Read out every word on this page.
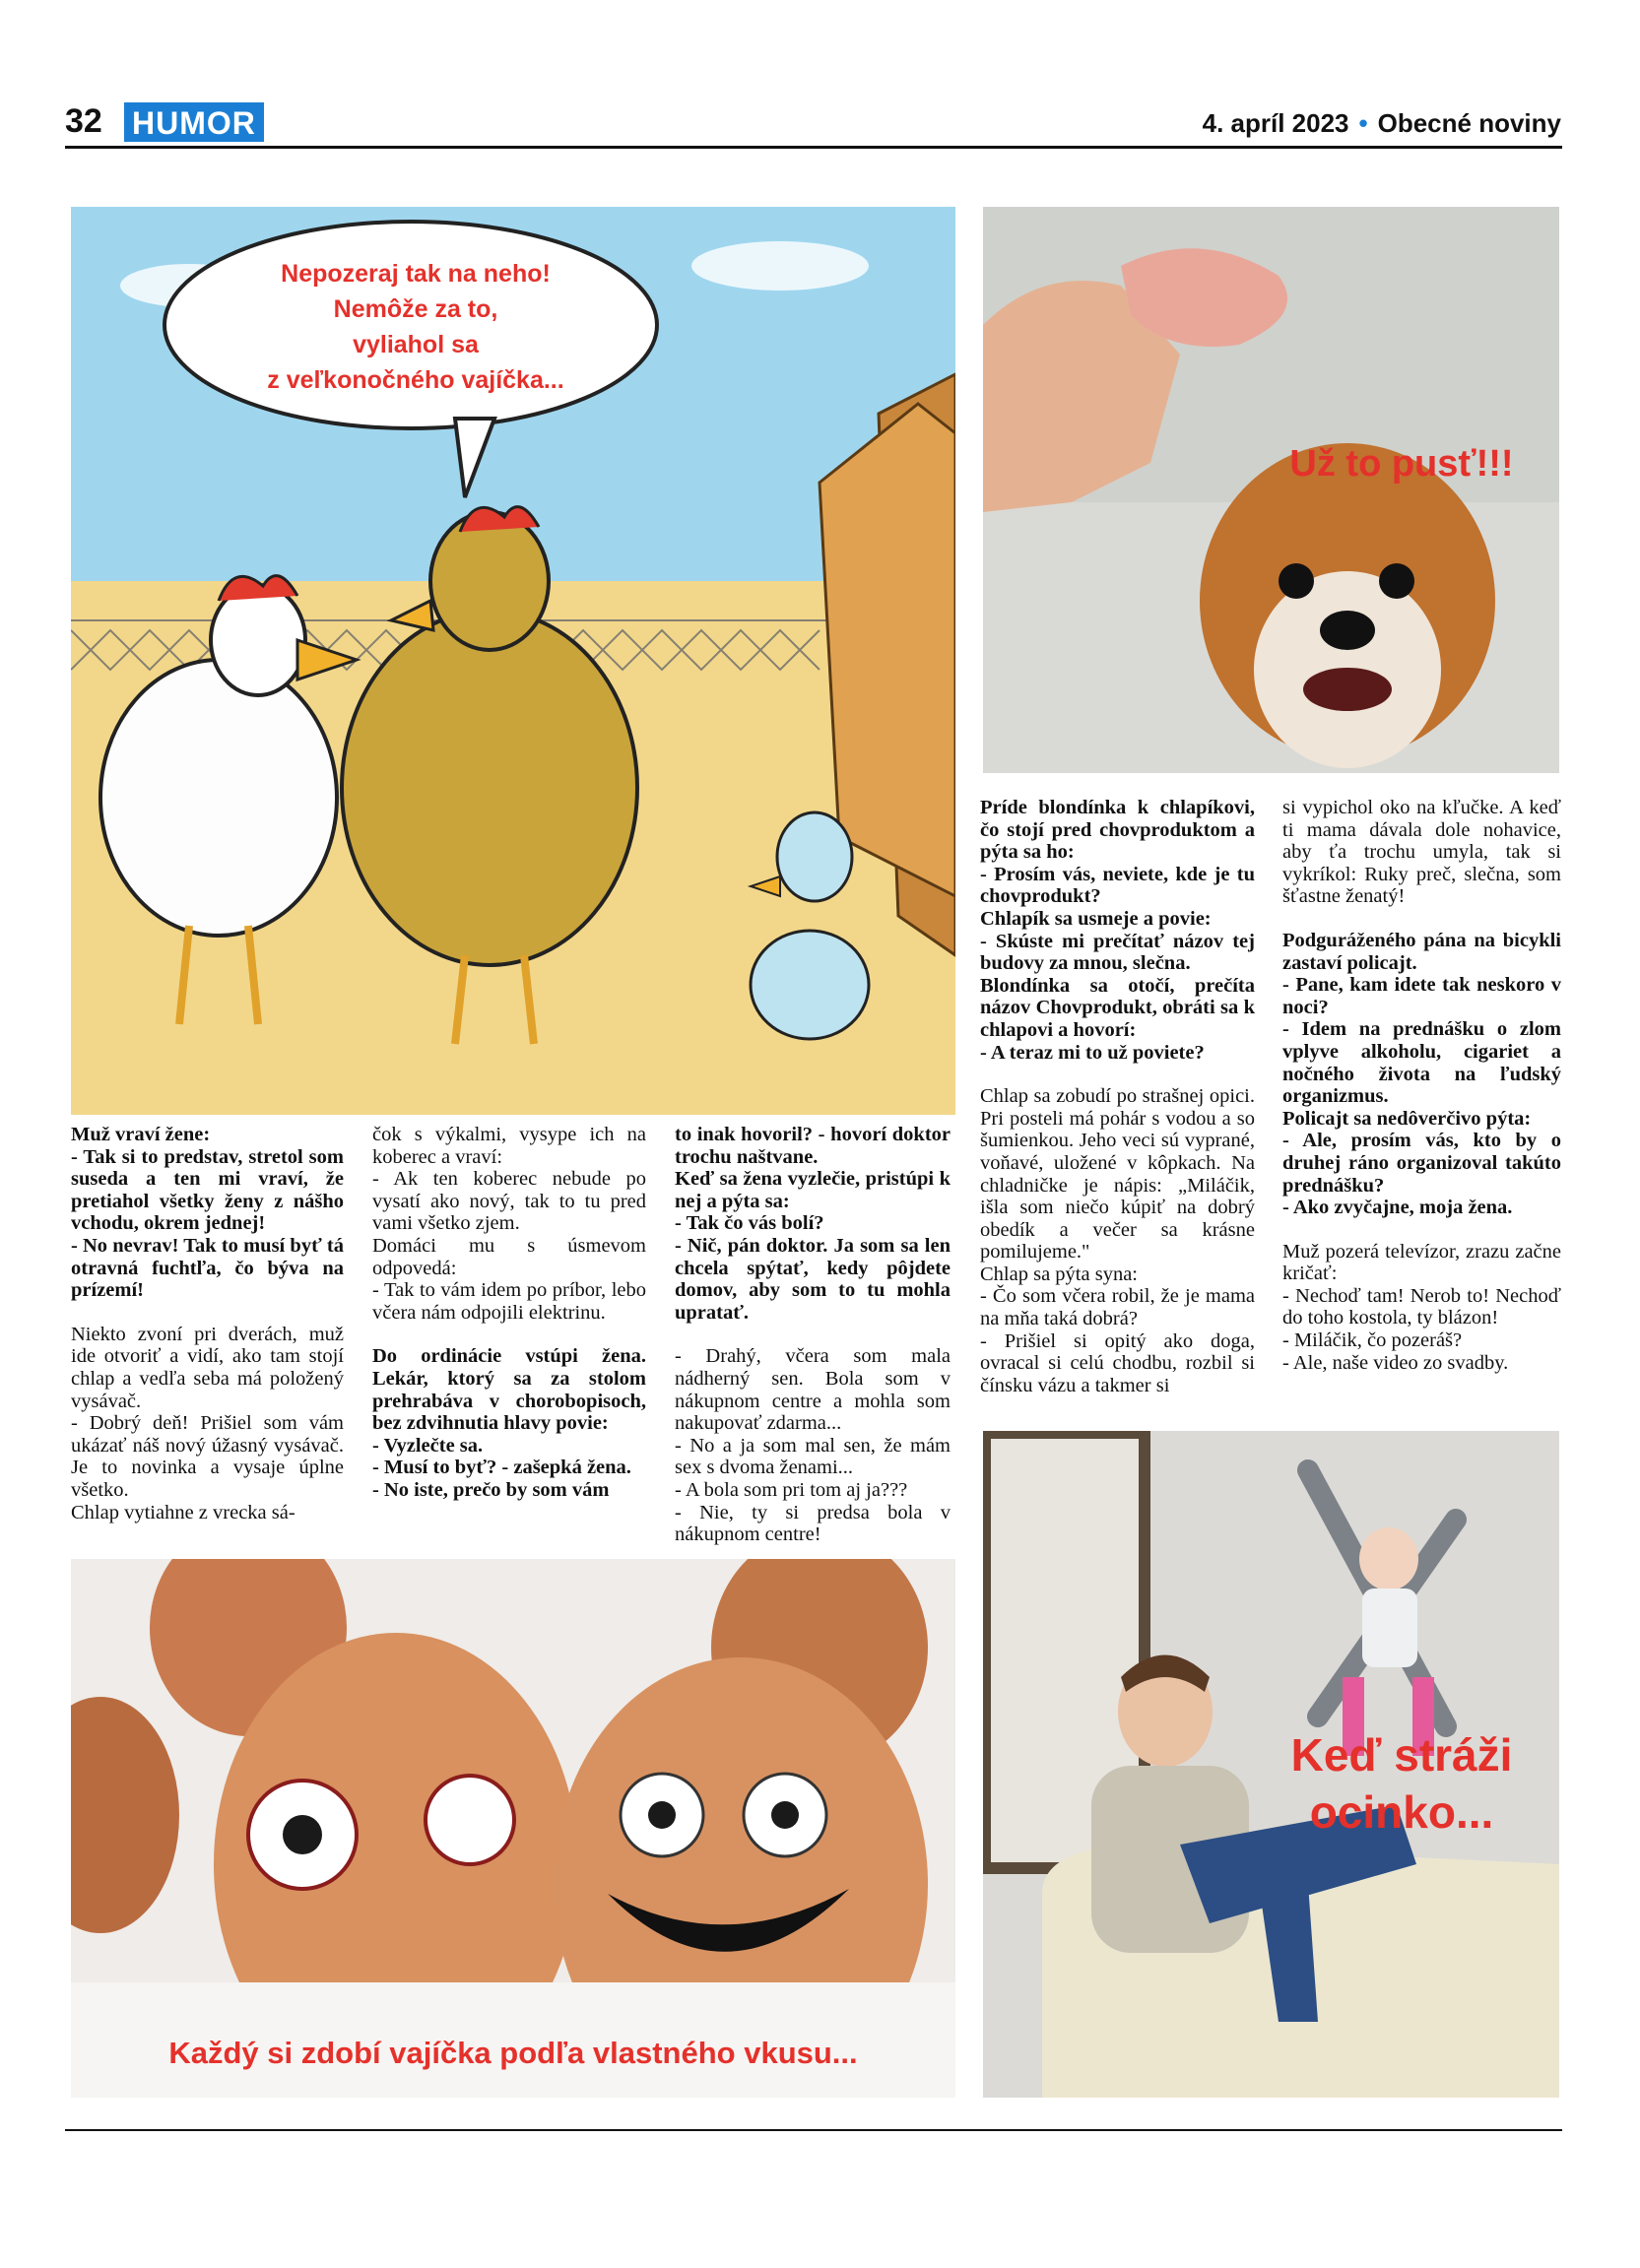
32 HUMOR	4. apríl 2023 • Obecné noviny
Nepozeraj tak na neho!
Nemôže za to,
vyliahol sa
z veľkonočného vajíčka...
Už to pusť!!!

Muž vraví žene:

- Tak si to predstav, stretol som suseda a ten mi vraví, že pretiahol všetky ženy z nášho vchodu, okrem jednej!

- No nevrav! Tak to musí byť tá otravná fuchtľa, čo býva na prízemí!

Niekto zvoní pri dverách, muž ide otvoriť a vidí, ako tam stojí chlap a vedľa seba má položený vysávač.

- Dobrý deň! Prišiel som vám ukázať náš nový úžasný vysávač. Je to novinka a vysaje úplne všetko.

Chlap vytiahne z vrecka sá-

čok s výkalmi, vysype ich na koberec a vraví:

- Ak ten koberec nebude po vysatí ako nový, tak to tu pred vami všetko zjem.

Domáci mu s úsmevom odpovedá:

- Tak to vám idem po príbor, lebo včera nám odpojili elektrinu.

Do ordinácie vstúpi žena. Lekár, ktorý sa za stolom prehrabáva v chorobopisoch, bez zdvihnutia hlavy povie:

- Vyzlečte sa.

- Musí to byť? - zašepká žena.

- No iste, prečo by som vám

to inak hovoril? - hovorí doktor trochu naštvane.

Keď sa žena vyzlečie, pristúpi k nej a pýta sa:

- Tak čo vás bolí?

- Nič, pán doktor. Ja som sa len chcela spýtať, kedy pôjdete domov, aby som to tu mohla upratať.

- Drahý, včera som mala nádherný sen. Bola som v nákupnom centre a mohla som nakupovať zdarma...

- No a ja som mal sen, že mám sex s dvoma ženami...

- A bola som pri tom aj ja???

- Nie, ty si predsa bola v nákupnom centre!

Príde blondínka k chlapíkovi, čo stojí pred chovproduktom a pýta sa ho:

- Prosím vás, neviete, kde je tu chovprodukt?

Chlapík sa usmeje a povie:

- Skúste mi prečítať názov tej budovy za mnou, slečna.

Blondínka sa otočí, prečíta názov Chovprodukt, obráti sa k chlapovi a hovorí:

- A teraz mi to už poviete?

Chlap sa zobudí po strašnej opici. Pri posteli má pohár s vodou a so šumienkou. Jeho veci sú vyprané, voňavé, uložené v kôpkach. Na chladničke je nápis: „Miláčik, išla som niečo kúpiť na dobrý obedík a večer sa krásne pomilujeme."

Chlap sa pýta syna:

- Čo som včera robil, že je mama na mňa taká dobrá?

- Prišiel si opitý ako doga, ovracal si celú chodbu, rozbil si čínsku vázu a takmer si

si vypichol oko na kľučke. A keď ti mama dávala dole nohavice, aby ťa trochu umyla, tak si vykríkol: Ruky preč, slečna, som šťastne ženatý!

Podguráženého pána na bicykli zastaví policajt.

- Pane, kam idete tak neskoro v noci?

- Idem na prednášku o zlom vplyve alkoholu, cigariet a nočného života na ľudský organizmus.

Policajt sa nedôverčivo pýta:

- Ale, prosím vás, kto by o druhej ráno organizoval takúto prednášku?

- Ako zvyčajne, moja žena.

Muž pozerá televízor, zrazu začne kričať:

- Nechoď tam! Nerob to! Nechoď do toho kostola, ty blázon!

- Miláčik, čo pozeráš?

- Ale, naše video zo svadby.

Každý si zdobí vajíčka podľa vlastného vkusu...
Keď stráži
ocinko...
